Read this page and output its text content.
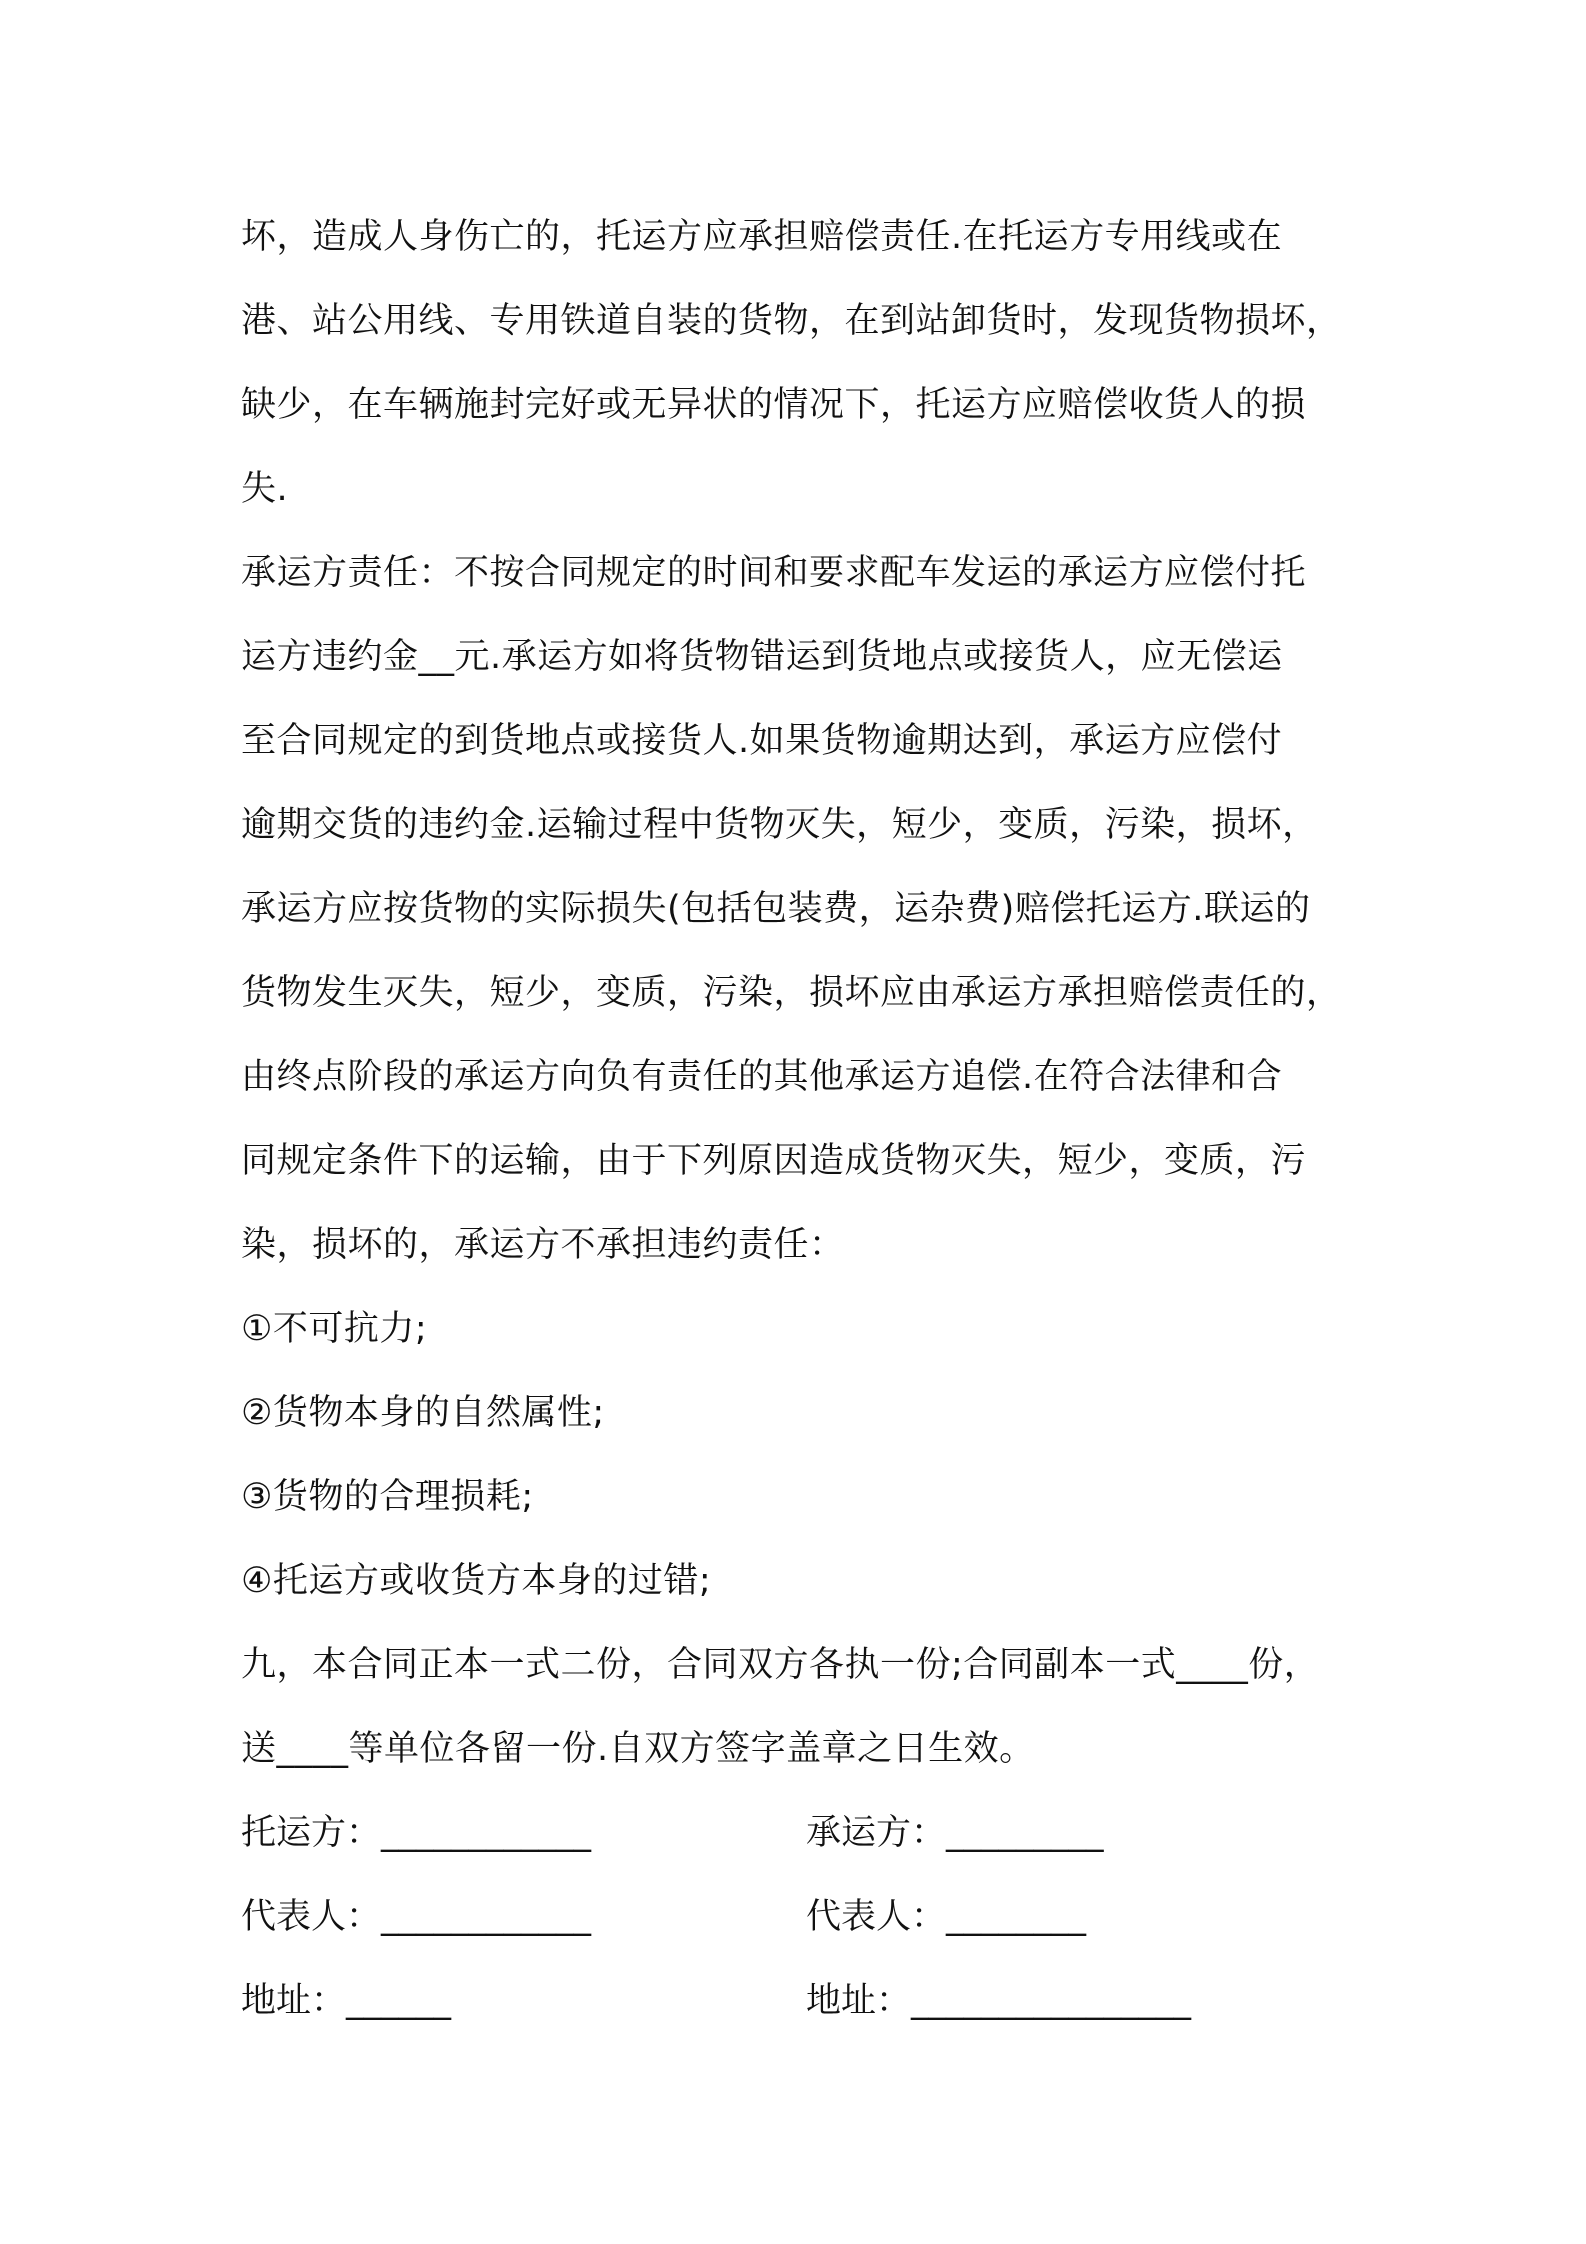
坏，造成人身伤亡的，托运方应承担赔偿责任.在托运方专用线或在
港、站公用线、专用铁道自装的货物，在到站卸货时，发现货物损坏，
缺少，在车辆施封完好或无异状的情况下，托运方应赔偿收货人的损
失.
承运方责任：不按合同规定的时间和要求配车发运的承运方应偿付托
运方违约金__元.承运方如将货物错运到货地点或接货人，应无偿运
至合同规定的到货地点或接货人.如果货物逾期达到，承运方应偿付
逾期交货的违约金.运输过程中货物灭失，短少，变质，污染，损坏，
承运方应按货物的实际损失(包括包装费，运杂费)赔偿托运方.联运的
货物发生灭失，短少，变质，污染，损坏应由承运方承担赔偿责任的，
由终点阶段的承运方向负有责任的其他承运方追偿.在符合法律和合
同规定条件下的运输，由于下列原因造成货物灭失，短少，变质，污
染，损坏的，承运方不承担违约责任：
①不可抗力;
②货物本身的自然属性;
③货物的合理损耗;
④托运方或收货方本身的过错;
九，本合同正本一式二份，合同双方各执一份;合同副本一式____份，
送____等单位各留一份.自双方签字盖章之日生效。
托运方：____________	承运方：_________
代表人：____________	代表人：________
地址：______	地址：________________
